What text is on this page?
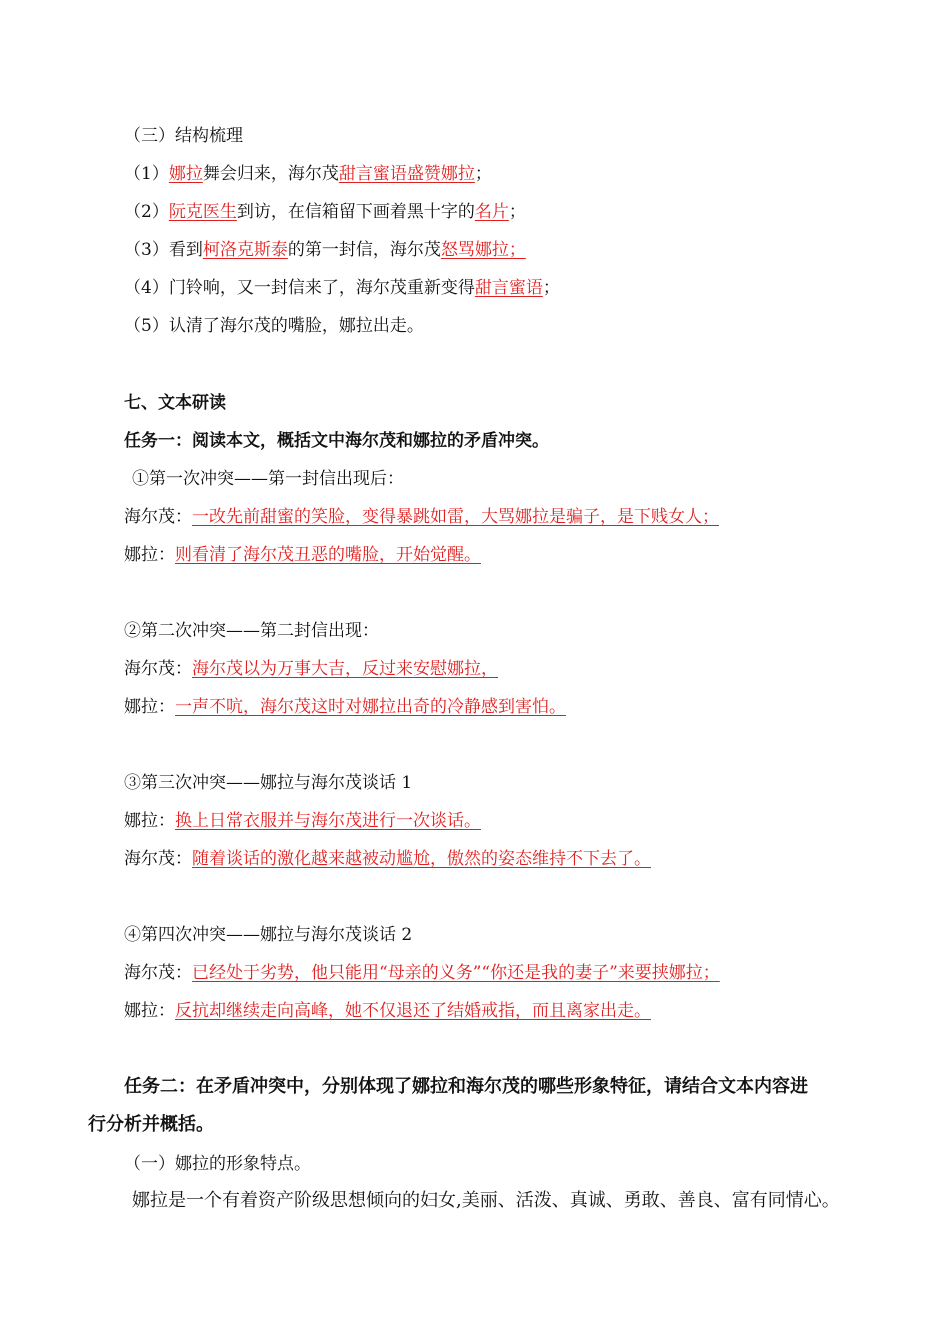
（三）结构梳理
（1）娜拉舞会归来，海尔茂甜言蜜语盛赞娜拉；
（2）阮克医生到访，在信箱留下画着黑十字的名片；
（3）看到柯洛克斯泰的第一封信，海尔茂怒骂娜拉；
（4）门铃响，又一封信来了，海尔茂重新变得甜言蜜语；
（5）认清了海尔茂的嘴脸，娜拉出走。
七、文本研读
任务一：阅读本文，概括文中海尔茂和娜拉的矛盾冲突。
①第一次冲突——第一封信出现后：
海尔茂：一改先前甜蜜的笑脸，变得暴跳如雷，大骂娜拉是骗子，是下贱女人；
娜拉：则看清了海尔茂丑恶的嘴脸，开始觉醒。
②第二次冲突——第二封信出现：
海尔茂：海尔茂以为万事大吉，反过来安慰娜拉，
娜拉：一声不吭，海尔茂这时对娜拉出奇的冷静感到害怕。
③第三次冲突——娜拉与海尔茂谈话 1
娜拉：换上日常衣服并与海尔茂进行一次谈话。
海尔茂：随着谈话的激化越来越被动尴尬，傲然的姿态维持不下去了。
④第四次冲突——娜拉与海尔茂谈话 2
海尔茂：已经处于劣势，他只能用“母亲的义务”“你还是我的妻子”来要挟娜拉；
娜拉：反抗却继续走向高峰，她不仅退还了结婚戒指，而且离家出走。
任务二：在矛盾冲突中，分别体现了娜拉和海尔茂的哪些形象特征，请结合文本内容进
行分析并概括。
（一）娜拉的形象特点。
娜拉是一个有着资产阶级思想倾向的妇女,美丽、活泼、真诚、勇敢、善良、富有同情心。
